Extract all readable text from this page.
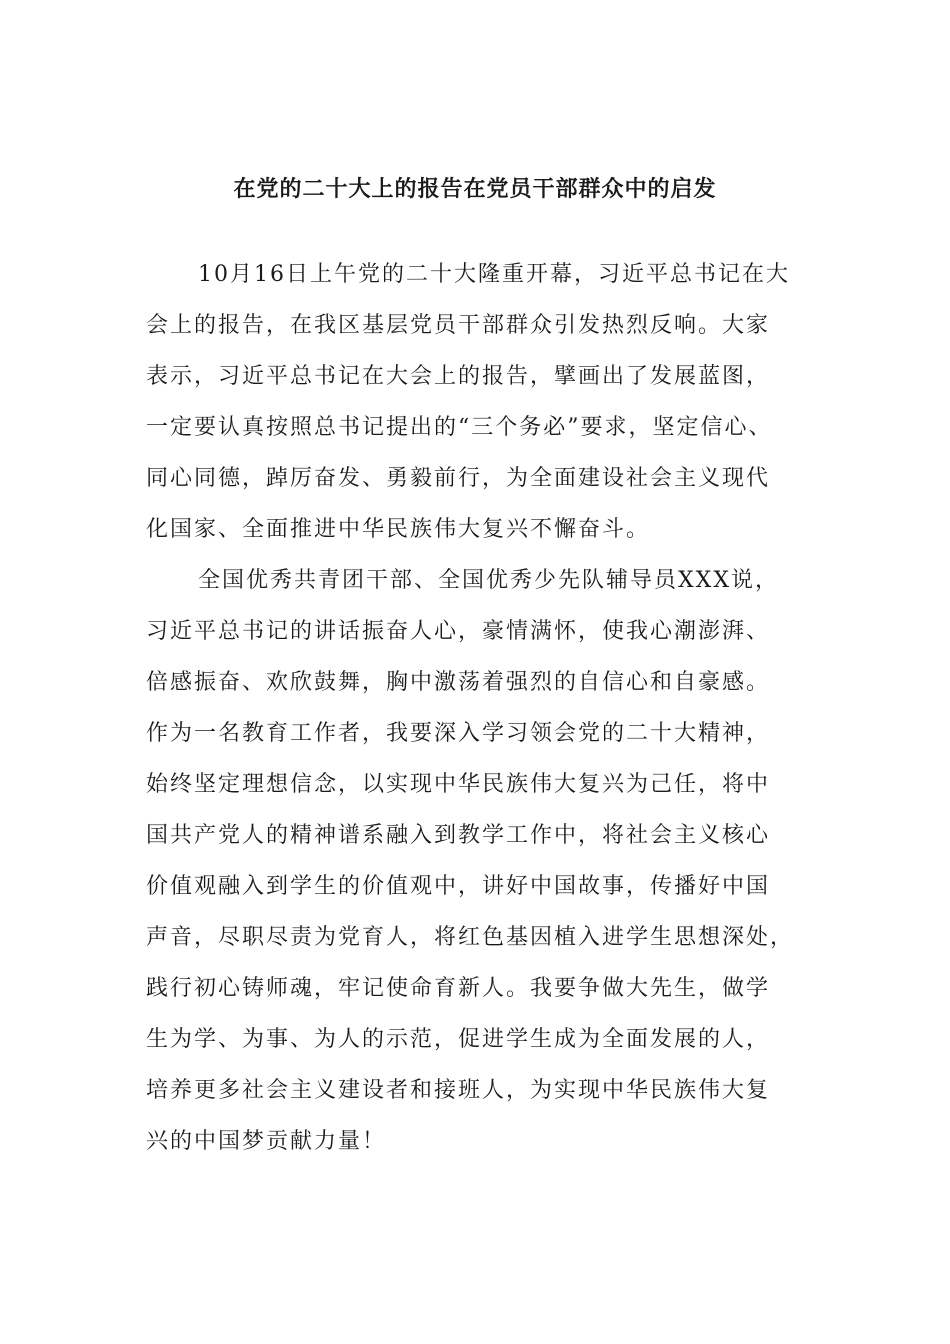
在党的二十大上的报告在党员干部群众中的启发
10月16日上午党的二十大隆重开幕，习近平总书记在大
会上的报告，在我区基层党员干部群众引发热烈反响。大家
表示，习近平总书记在大会上的报告，擘画出了发展蓝图，
一定要认真按照总书记提出的“三个务必”要求，坚定信心、
同心同德，踔厉奋发、勇毅前行，为全面建设社会主义现代
化国家、全面推进中华民族伟大复兴不懈奋斗。
全国优秀共青团干部、全国优秀少先队辅导员XXX说，
习近平总书记的讲话振奋人心，豪情满怀，使我心潮澎湃、
倍感振奋、欢欣鼓舞，胸中激荡着强烈的自信心和自豪感。
作为一名教育工作者，我要深入学习领会党的二十大精神，
始终坚定理想信念，以实现中华民族伟大复兴为己任，将中
国共产党人的精神谱系融入到教学工作中，将社会主义核心
价值观融入到学生的价值观中，讲好中国故事，传播好中国
声音，尽职尽责为党育人，将红色基因植入进学生思想深处，
践行初心铸师魂，牢记使命育新人。我要争做大先生，做学
生为学、为事、为人的示范，促进学生成为全面发展的人，
培养更多社会主义建设者和接班人，为实现中华民族伟大复
兴的中国梦贡献力量！
